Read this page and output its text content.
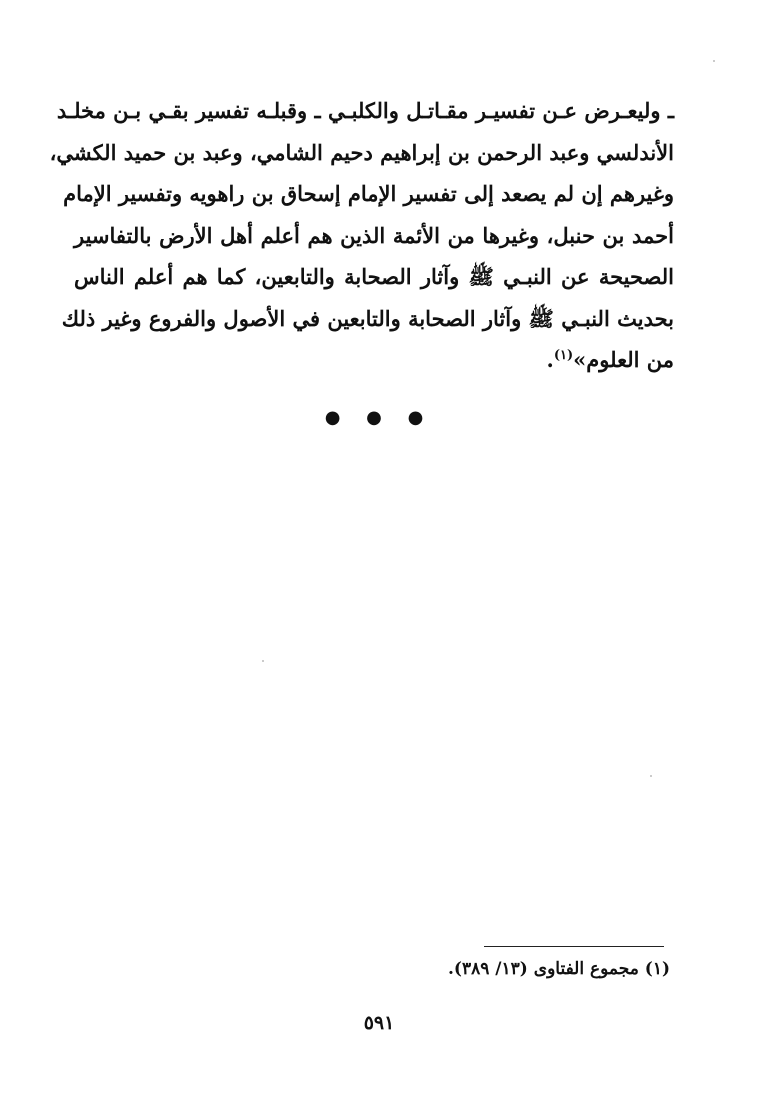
ـ وليعـرض عـن تفسيـر مقـاتـل والكلبـي ـ وقبلـه تفسير بقـي بـن مخلـد
الأندلسي وعبد الرحمن بن إبراهيم دحيم الشامي، وعبد بن حميد الكشي،
وغيرهم إن لم يصعد إلى تفسير الإمام إسحاق بن راهويه وتفسير الإمام
أحمد بن حنبل، وغيرها من الأئمة الذين هم أعلم أهل الأرض بالتفاسير
الصحيحة عن النبـي ﷺ وآثار الصحابة والتابعين، كما هم أعلم الناس
بحديث النبـي ﷺ وآثار الصحابة والتابعين في الأصول والفروع وغير ذلك
من العلوم»$^{(١)}$.
● ● ●
(١) مجموع الفتاوى (١٣/ ٣٨٩).
٥٩١
